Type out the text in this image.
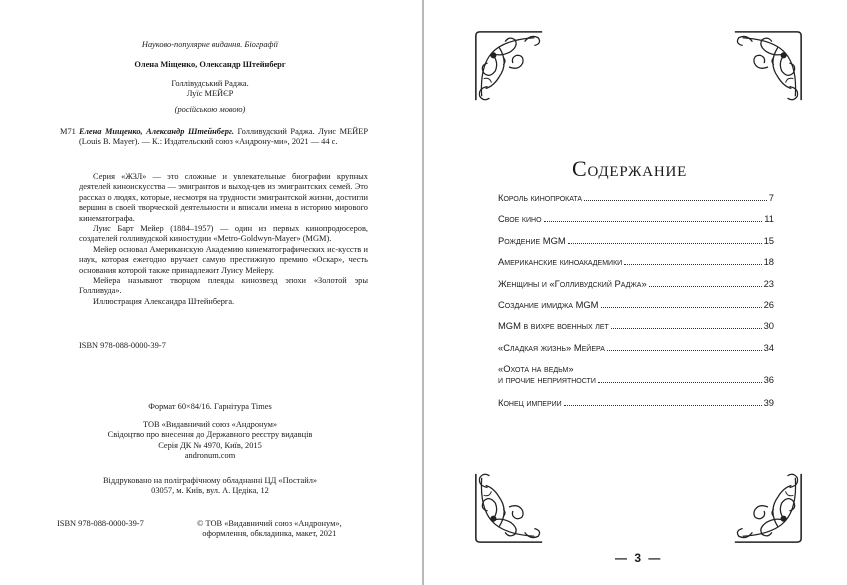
Науково-популярне видання. Біографії
Олена Міщенко, Олександр Штейнберг
Голлівудський Раджа.
Луїс МЕЙЄР
(російською мовою)
М71 Елена Мищенко, Александр Штейнберг. Голливудский Раджа. Луис МЕЙЕР (Louis B. Mayer). — К.: Издательский союз «Андрону-ми», 2021 — 44 с.

Серия «ЖЗЛ» — это сложные и увлекательные биографии крупных деятелей киноискусства — эмигрантов и выход-цев из эмигрантских семей. Это рассказ о людях, которые, несмотря на трудности эмигрантской жизни, достигли вершин в своей творческой деятельности и вписали имена в историю мирового кинематографа.

Луис Барт Мейер (1884–1957) — один из первых кинопродюсеров, создателей голливудской киностудии «Metro-Goldwyn-Mayer» (MGM).

Мейер основал Американскую Академию кинематографических ис-кусств и наук, которая ежегодно вручает самую престижную премию «Оскар», честь основания которой также принадлежит Луису Мейеру.

Мейера называют творцом плеяды кинозвезд эпохи «Золотой эры Голливуда».

Иллюстрация Александра Штейнберга.

ISBN 978-088-0000-39-7
Формат 60×84/16. Гарнітура Times
ТОВ «Видавничий союз «Андронум»
Свідоцтво про внесення до Державного реєстру видавців
Серія ДК № 4970, Київ, 2015
andronum.com
Віддруковано на поліграфічному обладнанні ЦД «Постайл»
03057, м. Київ, вул. А. Цедіка, 12
ISBN 978-088-0000-39-7	© ТОВ «Видавничий союз «Андронум»,
оформлення, обкладинка, макет, 2021
Содержание
Король кинопроката	7
Свое кино	11
Рождение MGM	15
Американские киноакадемики	18
Женщины и «Голливудский Раджа»	23
Создание имиджа MGM	26
MGM в вихре военных лет	30
«Сладкая жизнь» Мейера	34
«Охота на ведьм»
и прочие неприятности	36
Конец империи	39
— 3 —
